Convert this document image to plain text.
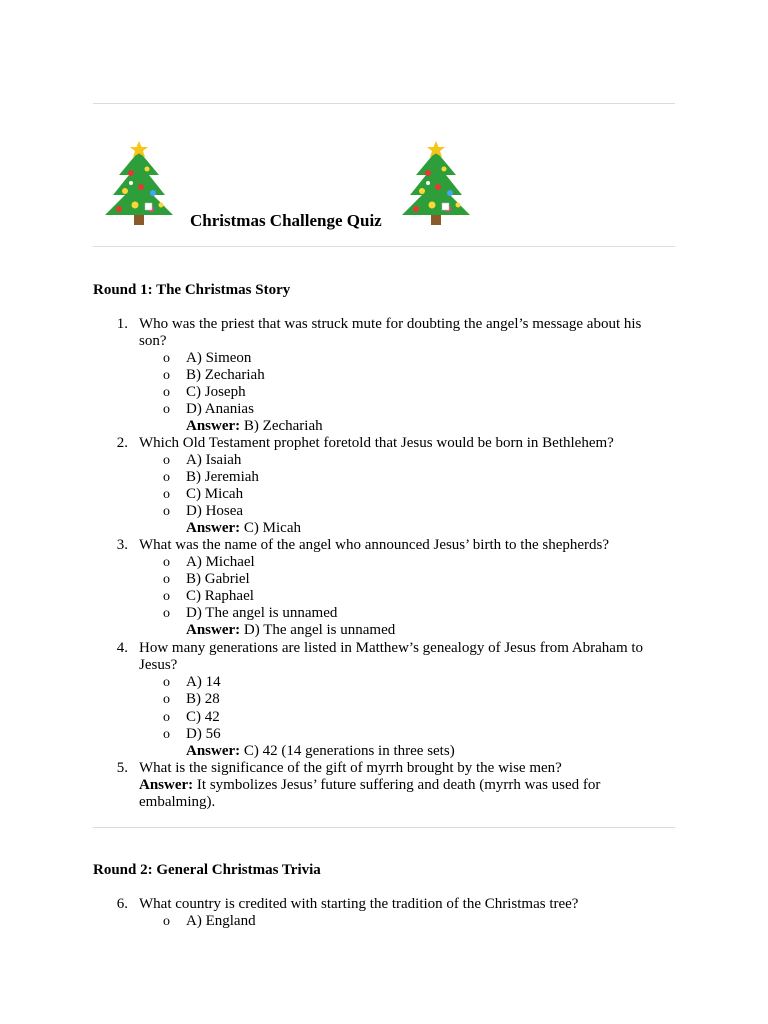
Christmas Challenge Quiz
Round 1: The Christmas Story
1. Who was the priest that was struck mute for doubting the angel’s message about his
son?
o A) Simeon
o B) Zechariah
o C) Joseph
o D) Ananias
Answer: B) Zechariah
2. Which Old Testament prophet foretold that Jesus would be born in Bethlehem?
o A) Isaiah
o B) Jeremiah
o C) Micah
o D) Hosea
Answer: C) Micah
3. What was the name of the angel who announced Jesus’ birth to the shepherds?
o A) Michael
o B) Gabriel
o C) Raphael
o D) The angel is unnamed
Answer: D) The angel is unnamed
4. How many generations are listed in Matthew’s genealogy of Jesus from Abraham to
Jesus?
o A) 14
o B) 28
o C) 42
o D) 56
Answer: C) 42 (14 generations in three sets)
5. What is the significance of the gift of myrrh brought by the wise men?
Answer: It symbolizes Jesus’ future suffering and death (myrrh was used for
embalming).
Round 2: General Christmas Trivia
6. What country is credited with starting the tradition of the Christmas tree?
o A) England
